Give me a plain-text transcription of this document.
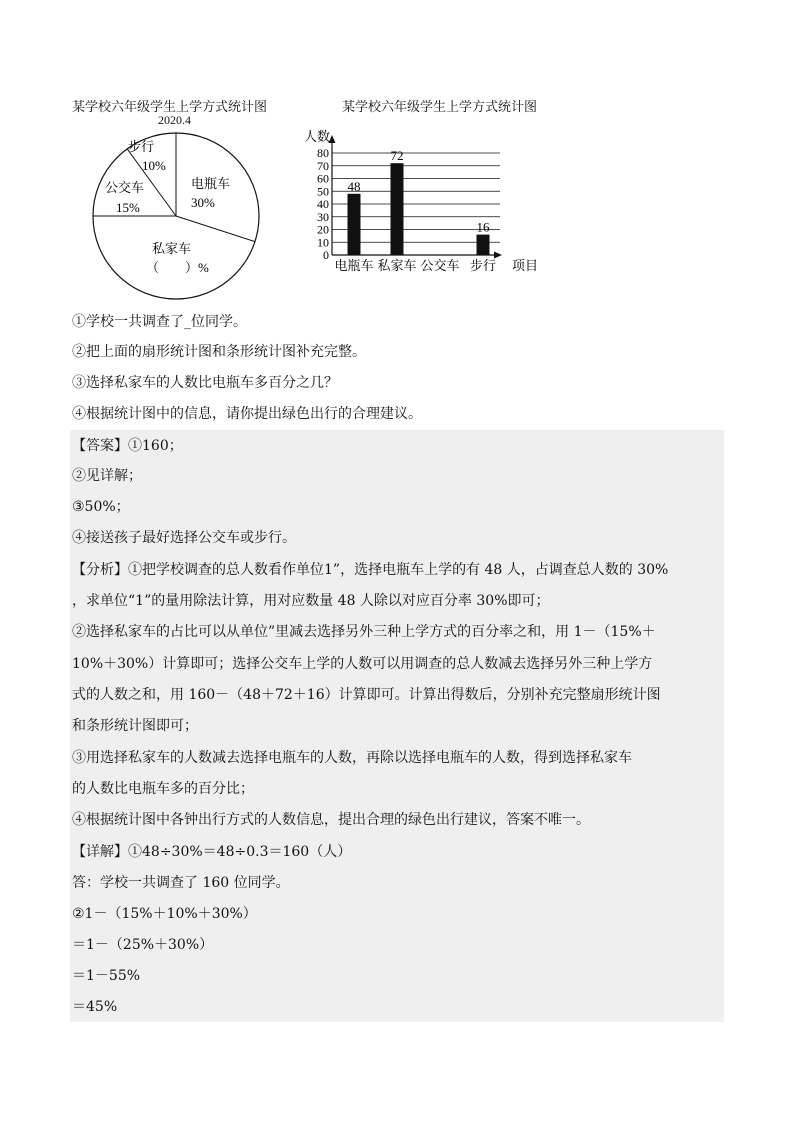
某学校六年级学生上学方式统计图	某学校六年级学生上学方式统计图
2020.4
电瓶车
30%
私家车
（　　）%
公交车
15%
步行
10%
人数
项目
0
10
20
30
40
50
60
70
80
48
72
16
电瓶车 私家车 公交车 步行
①学校一共调查了_位同学。
②把上面的扇形统计图和条形统计图补充完整。
③选择私家车的人数比电瓶车多百分之几？
④根据统计图中的信息，请你提出绿色出行的合理建议。
【答案】①160；
②见详解；
③50%；
④接送孩子最好选择公交车或步行。
【分析】①把学校调查的总人数看作单位1”，选择电瓶车上学的有 48 人，占调查总人数的 30%
，求单位“1”的量用除法计算，用对应数量 48 人除以对应百分率 30%即可；
②选择私家车的占比可以从单位”里减去选择另外三种上学方式的百分率之和，用 1－（15%＋
10%＋30%）计算即可；选择公交车上学的人数可以用调查的总人数减去选择另外三种上学方
式的人数之和，用 160－（48＋72＋16）计算即可。计算出得数后，分别补充完整扇形统计图
和条形统计图即可；
③用选择私家车的人数减去选择电瓶车的人数，再除以选择电瓶车的人数，得到选择私家车
的人数比电瓶车多的百分比；
④根据统计图中各钟出行方式的人数信息，提出合理的绿色出行建议，答案不唯一。
【详解】①48÷30%＝48÷0.3＝160（人）
答：学校一共调查了 160 位同学。
②1－（15%＋10%＋30%）
＝1－（25%＋30%）
＝1－55%
＝45%
